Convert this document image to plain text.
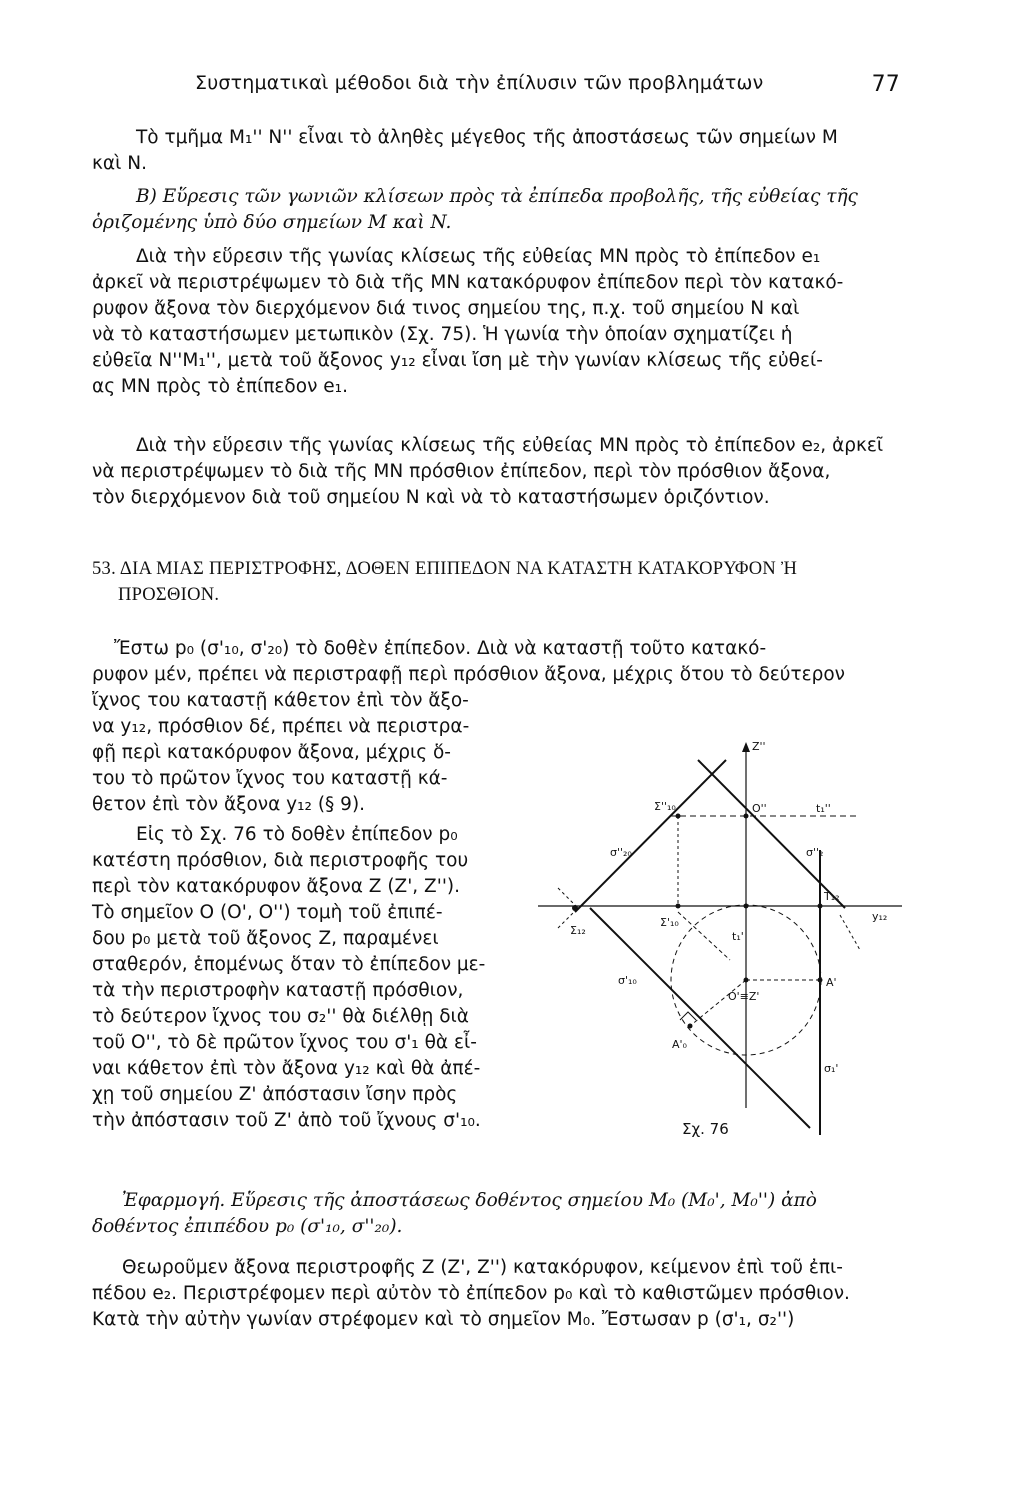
Συστηματικαὶ μέθοδοι διὰ τὴν ἐπίλυσιν τῶν προβλημάτων	77
Τὸ τμῆμα M₁'' N'' εἶναι τὸ ἀληθὲς μέγεθος τῆς ἀποστάσεως τῶν σημείων M
καὶ N.
B) Εὕρεσις τῶν γωνιῶν κλίσεων πρὸς τὰ ἐπίπεδα προβολῆς, τῆς εὐθείας τῆς
ὁριζομένης ὑπὸ δύο σημείων M καὶ N.
Διὰ τὴν εὕρεσιν τῆς γωνίας κλίσεως τῆς εὐθείας MN πρὸς τὸ ἐπίπεδον e₁
ἀρκεῖ νὰ περιστρέψωμεν τὸ διὰ τῆς MN κατακόρυφον ἐπίπεδον περὶ τὸν κατακό-
ρυφον ἄξονα τὸν διερχόμενον διά τινος σημείου της, π.χ. τοῦ σημείου N καὶ
νὰ τὸ καταστήσωμεν μετωπικὸν (Σχ. 75). Ἡ γωνία τὴν ὁποίαν σχηματίζει ἡ
εὐθεῖα N''M₁'', μετὰ τοῦ ἄξονος y₁₂ εἶναι ἴση μὲ τὴν γωνίαν κλίσεως τῆς εὐθεί-
ας MN πρὸς τὸ ἐπίπεδον e₁.
Διὰ τὴν εὕρεσιν τῆς γωνίας κλίσεως τῆς εὐθείας MN πρὸς τὸ ἐπίπεδον e₂, ἀρκεῖ
νὰ περιστρέψωμεν τὸ διὰ τῆς MN πρόσθιον ἐπίπεδον, περὶ τὸν πρόσθιον ἄξονα,
τὸν διερχόμενον διὰ τοῦ σημείου N καὶ νὰ τὸ καταστήσωμεν ὁριζόντιον.
53. ΔΙΑ ΜΙΑΣ ΠΕΡΙΣΤΡΟΦΗΣ, ΔΟΘΕΝ ΕΠΙΠΕΔΟΝ ΝΑ ΚΑΤΑΣΤΗ ΚΑΤΑΚΟΡΥΦΟΝ Ἠ
ΠΡΟΣΘΙΟΝ.
Ἔστω p₀ (σ'₁₀, σ'₂₀) τὸ δοθὲν ἐπίπεδον. Διὰ νὰ καταστῇ τοῦτο κατακό-
ρυφον μέν, πρέπει νὰ περιστραφῇ περὶ πρόσθιον ἄξονα, μέχρις ὅτου τὸ δεύτερον
ἴχνος του καταστῇ κάθετον ἐπὶ τὸν ἄξο-
να y₁₂, πρόσθιον δέ, πρέπει νὰ περιστρα-
φῇ περὶ κατακόρυφον ἄξονα, μέχρις ὅ-
του τὸ πρῶτον ἴχνος του καταστῇ κά-
θετον ἐπὶ τὸν ἄξονα y₁₂ (§ 9).
Εἰς τὸ Σχ. 76 τὸ δοθὲν ἐπίπεδον p₀
κατέστη πρόσθιον, διὰ περιστροφῆς του
περὶ τὸν κατακόρυφον ἄξονα Z (Z', Z'').
Τὸ σημεῖον O (O', O'') τομὴ τοῦ ἐπιπέ-
δου p₀ μετὰ τοῦ ἄξονος Z, παραμένει
σταθερόν, ἑπομένως ὅταν τὸ ἐπίπεδον με-
τὰ τὴν περιστροφὴν καταστῇ πρόσθιον,
τὸ δεύτερον ἴχνος του σ₂'' θὰ διέλθῃ διὰ
τοῦ O'', τὸ δὲ πρῶτον ἴχνος του σ'₁ θὰ εἶ-
ναι κάθετον ἐπὶ τὸν ἄξονα y₁₂ καὶ θὰ ἀπέ-
χῃ τοῦ σημείου Z' ἀπόστασιν ἴσην πρὸς
τὴν ἀπόστασιν τοῦ Z' ἀπὸ τοῦ ἴχνους σ'₁₀.
Ἐφαρμογή. Εὕρεσις τῆς ἀποστάσεως δοθέντος σημείου M₀ (M₀', M₀'') ἀπὸ
δοθέντος ἐπιπέδου p₀ (σ'₁₀, σ''₂₀).
Θεωροῦμεν ἄξονα περιστροφῆς Z (Z', Z'') κατακόρυφον, κείμενον ἐπὶ τοῦ ἐπι-
πέδου e₂. Περιστρέφομεν περὶ αὐτὸν τὸ ἐπίπεδον p₀ καὶ τὸ καθιστῶμεν πρόσθιον.
Κατὰ τὴν αὐτὴν γωνίαν στρέφομεν καὶ τὸ σημεῖον M₀. Ἔστωσαν p (σ'₁, σ₂'')
Z''
O''	t₁''
Σ''₁₀
σ''₂₀	σ''₂
T₁₂
y₁₂
Σ₁₂
Σ'₁₀
t₁'
σ'₁₀
O'≡Z'
A'
A'₀
σ₁'
Σχ. 76
